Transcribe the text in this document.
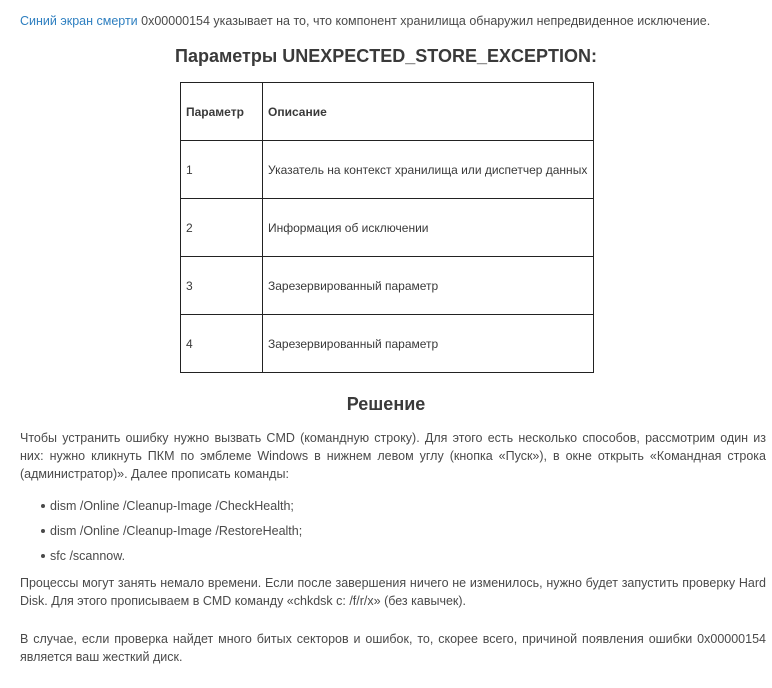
Синий экран смерти 0x00000154 указывает на то, что компонент хранилища обнаружил непредвиденное исключение.
Параметры UNEXPECTED_STORE_EXCEPTION:
Параметр	Описание
1	Указатель на контекст хранилища или диспетчер данных
2	Информация об исключении
3	Зарезервированный параметр
4	Зарезервированный параметр
Решение

Чтобы устранить ошибку нужно вызвать CMD (командную строку). Для этого есть несколько способов, рассмотрим один из них: нужно кликнуть ПКМ по эмблеме Windows в нижнем левом углу (кнопка «Пуск»), в окне открыть «Командная строка (администратор)». Далее прописать команды:

dism /Online /Cleanup-Image /CheckHealth;
dism /Online /Cleanup-Image /RestoreHealth;
sfc /scannow.

Процессы могут занять немало времени. Если после завершения ничего не изменилось, нужно будет запустить проверку Hard Disk. Для этого прописываем в CMD команду «chkdsk с: /f/r/x» (без кавычек).

В случае, если проверка найдет много битых секторов и ошибок, то, скорее всего, причиной появления ошибки 0x00000154 является ваш жесткий диск.
